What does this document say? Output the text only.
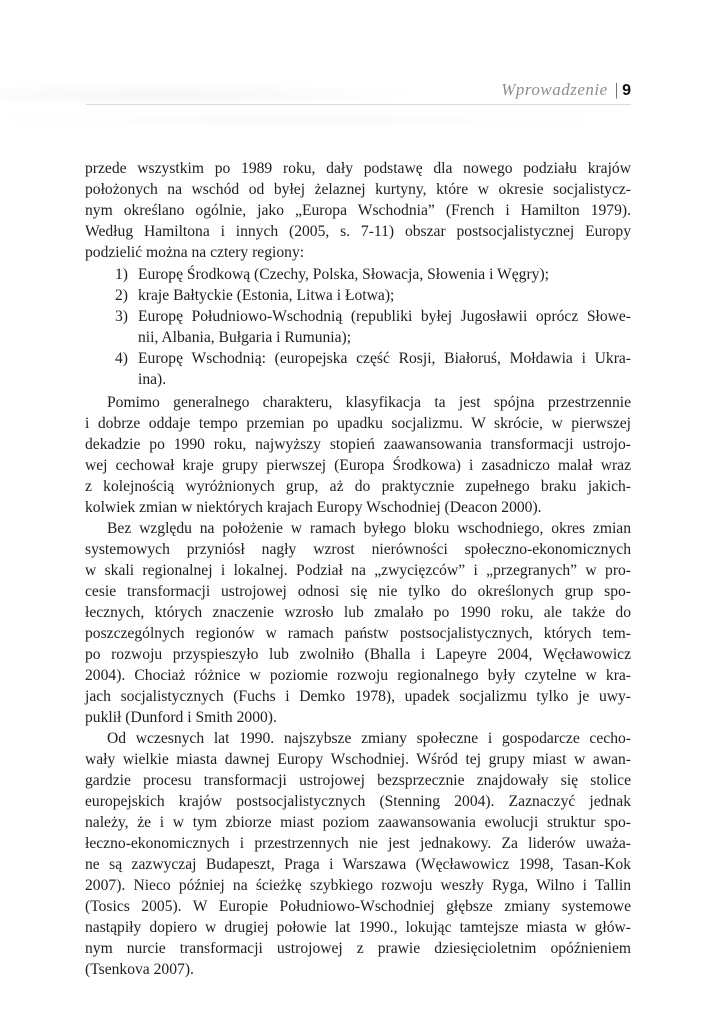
Wprowadzenie | 9
przede wszystkim po 1989 roku, dały podstawę dla nowego podziału krajów
położonych na wschód od byłej żelaznej kurtyny, które w okresie socjalistycz-
nym określano ogólnie, jako „Europa Wschodnia” (French i Hamilton 1979).
Według Hamiltona i innych (2005, s. 7-11) obszar postsocjalistycznej Europy
podzielić można na cztery regiony:
1) Europę Środkową (Czechy, Polska, Słowacja, Słowenia i Węgry);
2) kraje Bałtyckie (Estonia, Litwa i Łotwa);
3) Europę Południowo-Wschodnią (republiki byłej Jugosławii oprócz Słowe-
nii, Albania, Bułgaria i Rumunia);
4) Europę Wschodnią: (europejska część Rosji, Białoruś, Mołdawia i Ukra-
ina).
Pomimo generalnego charakteru, klasyfikacja ta jest spójna przestrzennie
i dobrze oddaje tempo przemian po upadku socjalizmu. W skrócie, w pierwszej
dekadzie po 1990 roku, najwyższy stopień zaawansowania transformacji ustrojo-
wej cechował kraje grupy pierwszej (Europa Środkowa) i zasadniczo malał wraz
z kolejnością wyróżnionych grup, aż do praktycznie zupełnego braku jakich-
kolwiek zmian w niektórych krajach Europy Wschodniej (Deacon 2000).
Bez względu na położenie w ramach byłego bloku wschodniego, okres zmian
systemowych przyniósł nagły wzrost nierówności społeczno-ekonomicznych
w skali regionalnej i lokalnej. Podział na „zwycięzców” i „przegranych” w pro-
cesie transformacji ustrojowej odnosi się nie tylko do określonych grup spo-
łecznych, których znaczenie wzrosło lub zmalało po 1990 roku, ale także do
poszczególnych regionów w ramach państw postsocjalistycznych, których tem-
po rozwoju przyspieszyło lub zwolniło (Bhalla i Lapeyre 2004, Węcławowicz
2004). Chociaż różnice w poziomie rozwoju regionalnego były czytelne w kra-
jach socjalistycznych (Fuchs i Demko 1978), upadek socjalizmu tylko je uwy-
puklił (Dunford i Smith 2000).
Od wczesnych lat 1990. najszybsze zmiany społeczne i gospodarcze cecho-
wały wielkie miasta dawnej Europy Wschodniej. Wśród tej grupy miast w awan-
gardzie procesu transformacji ustrojowej bezsprzecznie znajdowały się stolice
europejskich krajów postsocjalistycznych (Stenning 2004). Zaznaczyć jednak
należy, że i w tym zbiorze miast poziom zaawansowania ewolucji struktur spo-
łeczno-ekonomicznych i przestrzennych nie jest jednakowy. Za liderów uważa-
ne są zazwyczaj Budapeszt, Praga i Warszawa (Węcławowicz 1998, Tasan-Kok
2007). Nieco później na ścieżkę szybkiego rozwoju weszły Ryga, Wilno i Tallin
(Tosics 2005). W Europie Południowo-Wschodniej głębsze zmiany systemowe
nastąpiły dopiero w drugiej połowie lat 1990., lokując tamtejsze miasta w głów-
nym nurcie transformacji ustrojowej z prawie dziesięcioletnim opóźnieniem
(Tsenkova 2007).
